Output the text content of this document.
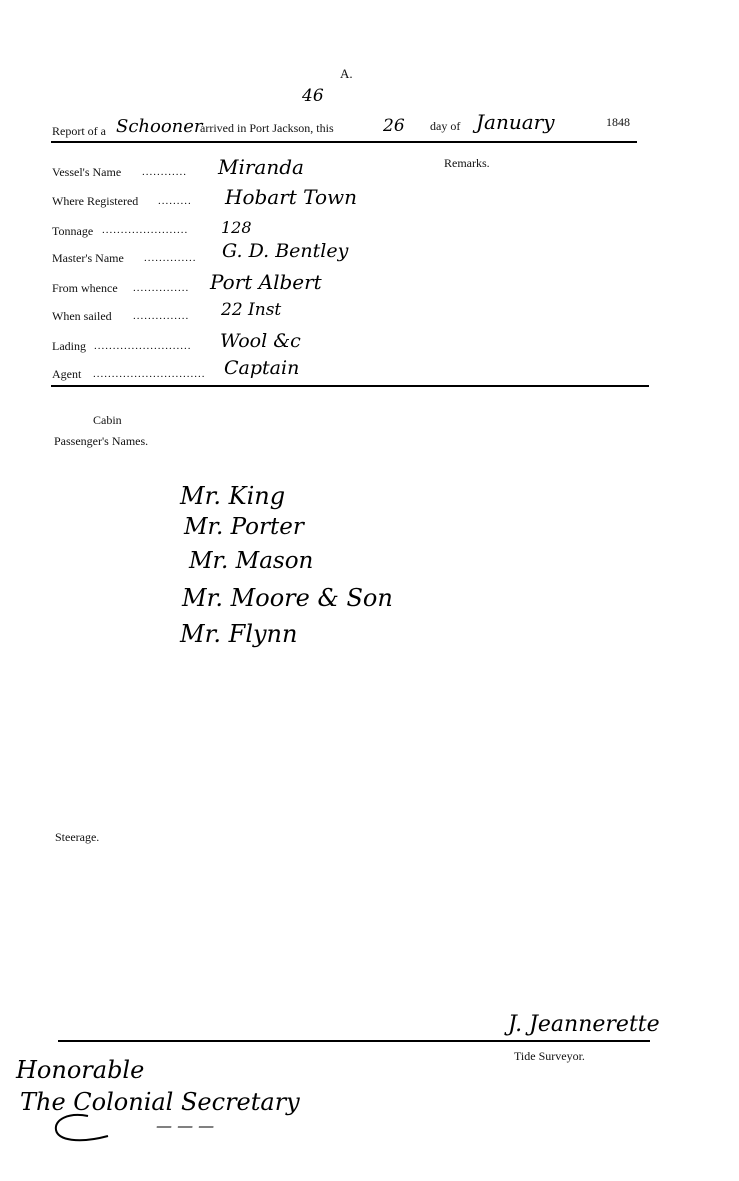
A.
46
Report of a Schooner
arrived in Port Jackson, this	26 day of January	1848
Remarks.
Vessel's Name ............ Miranda
Where Registered ......... Hobart Town
Tonnage ....................... 128
Master's Name .............. G. D. Bentley
From whence ............... Port Albert
When sailed ............... 22 Inst
Lading .......................... Wool &c
Agent .............................. Captain
Cabin
Passenger's Names.
Mr. King
Mr. Porter
Mr. Mason
Mr. Moore & Son
Mr. Flynn
Steerage.
J. Jeannerette
Tide Surveyor.
Honorable
The Colonial Secretary
— — —
